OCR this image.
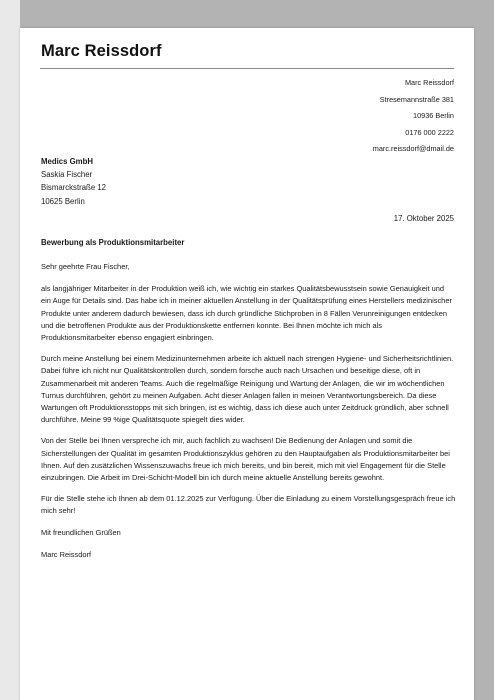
Marc Reissdorf
Marc Reissdorf
Stresemannstraße 381
10936 Berlin
0176 000 2222
marc.reissdorf@dmail.de
Medics GmbH
Saskia Fischer
Bismarckstraße 12
10625 Berlin
17. Oktober 2025
Bewerbung als Produktionsmitarbeiter

Sehr geehrte Frau Fischer,

als langjähriger Mitarbeiter in der Produktion weiß ich, wie wichtig ein starkes Qualitätsbewusstsein sowie Genauigkeit und ein Auge für Details sind. Das habe ich in meiner aktuellen Anstellung in der Qualitätsprüfung eines Herstellers medizinischer Produkte unter anderem dadurch bewiesen, dass ich durch gründliche Stichproben in 8 Fällen Verunreinigungen entdecken und die betroffenen Produkte aus der Produktionskette entfernen konnte. Bei Ihnen möchte ich mich als Produktionsmitarbeiter ebenso engagiert einbringen.

Durch meine Anstellung bei einem Medizinunternehmen arbeite ich aktuell nach strengen Hygiene- und Sicherheitsrichtlinien. Dabei führe ich nicht nur Qualitätskontrollen durch, sondern forsche auch nach Ursachen und beseitige diese, oft in Zusammenarbeit mit anderen Teams. Auch die regelmäßige Reinigung und Wartung der Anlagen, die wir im wöchentlichen Turnus durchführen, gehört zu meinen Aufgaben. Acht dieser Anlagen fallen in meinen Verantwortungsbereich. Da diese Wartungen oft Produktionsstopps mit sich bringen, ist es wichtig, dass ich diese auch unter Zeitdruck gründlich, aber schnell durchführe. Meine 99 %ige Qualitätsquote spiegelt dies wider.

Von der Stelle bei Ihnen verspreche ich mir, auch fachlich zu wachsen! Die Bedienung der Anlagen und somit die Sicherstellungen der Qualität im gesamten Produktionszyklus gehören zu den Hauptaufgaben als Produktionsmitarbeiter bei Ihnen. Auf den zusätzlichen Wissenszuwachs freue ich mich bereits, und bin bereit, mich mit viel Engagement für die Stelle einzubringen. Die Arbeit im Drei-Schicht-Modell bin ich durch meine aktuelle Anstellung bereits gewohnt.

Für die Stelle stehe ich Ihnen ab dem 01.12.2025 zur Verfügung. Über die Einladung zu einem Vorstellungsgespräch freue ich mich sehr!

Mit freundlichen Grüßen

Marc Reissdorf
